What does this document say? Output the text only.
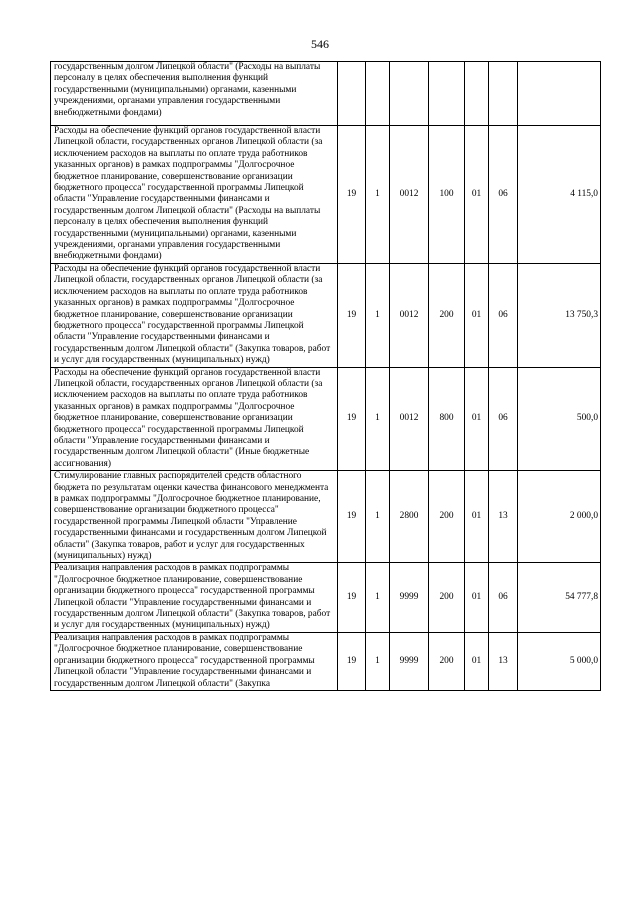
546
государственным долгом Липецкой области" (Расходы на выплаты персоналу в целях обеспечения выполнения функций государственными (муниципальными) органами, казенными учреждениями, органами управления государственными внебюджетными фондами)							
Расходы на обеспечение функций органов государственной власти Липецкой области, государственных органов Липецкой области (за исключением расходов на выплаты по оплате труда работников указанных органов) в рамках подпрограммы "Долгосрочное бюджетное планирование, совершенствование организации бюджетного процесса" государственной программы Липецкой области "Управление государственными финансами и государственным долгом Липецкой области" (Расходы на выплаты персоналу в целях обеспечения выполнения функций государственными (муниципальными) органами, казенными учреждениями, органами управления государственными внебюджетными фондами)	19	1	0012	100	01	06	4 115,0
Расходы на обеспечение функций органов государственной власти Липецкой области, государственных органов Липецкой области (за исключением расходов на выплаты по оплате труда работников указанных органов) в рамках подпрограммы "Долгосрочное бюджетное планирование, совершенствование организации бюджетного процесса" государственной программы Липецкой области "Управление государственными финансами и государственным долгом Липецкой области" (Закупка товаров, работ и услуг для государственных (муниципальных) нужд)	19	1	0012	200	01	06	13 750,3
Расходы на обеспечение функций органов государственной власти Липецкой области, государственных органов Липецкой области (за исключением расходов на выплаты по оплате труда работников указанных органов) в рамках подпрограммы "Долгосрочное бюджетное планирование, совершенствование организации бюджетного процесса" государственной программы Липецкой области "Управление государственными финансами и государственным долгом Липецкой области" (Иные бюджетные ассигнования)	19	1	0012	800	01	06	500,0
Стимулирование главных распорядителей средств областного бюджета по результатам оценки качества финансового менеджмента в рамках подпрограммы "Долгосрочное бюджетное планирование, совершенствование организации бюджетного процесса" государственной программы Липецкой области "Управление государственными финансами и государственным долгом Липецкой области" (Закупка товаров, работ и услуг для государственных (муниципальных) нужд)	19	1	2800	200	01	13	2 000,0
Реализация направления расходов в рамках подпрограммы "Долгосрочное бюджетное планирование, совершенствование организации бюджетного процесса" государственной программы Липецкой области "Управление государственными финансами и государственным долгом Липецкой области" (Закупка товаров, работ и услуг для государственных (муниципальных) нужд)	19	1	9999	200	01	06	54 777,8
Реализация направления расходов в рамках подпрограммы "Долгосрочное бюджетное планирование, совершенствование организации бюджетного процесса" государственной программы Липецкой области "Управление государственными финансами и государственным долгом Липецкой области" (Закупка	19	1	9999	200	01	13	5 000,0
